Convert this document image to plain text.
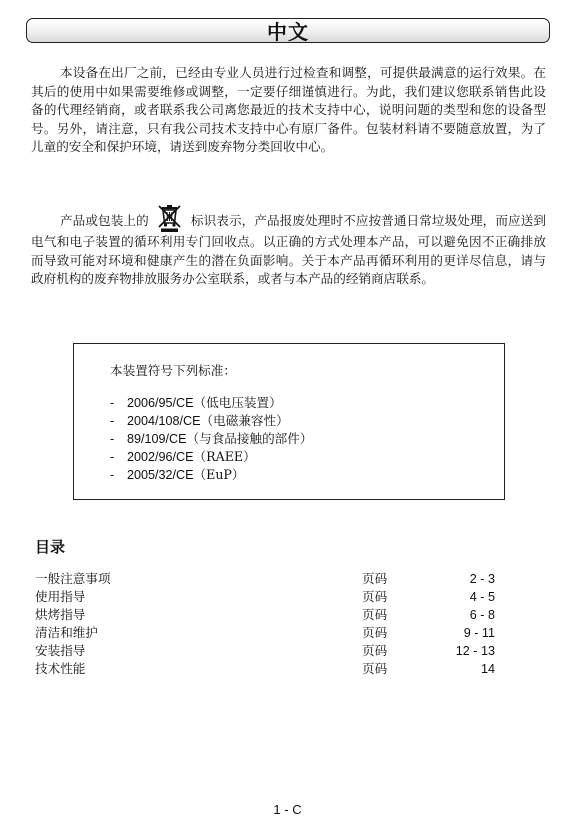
中文
本设备在出厂之前，已经由专业人员进行过检查和调整，可提供最满意的运行效果。在其后的使用中如果需要维修或调整，一定要仔细谨慎进行。为此，我们建议您联系销售此设备的代理经销商，或者联系我公司离您最近的技术支持中心，说明问题的类型和您的设备型号。另外，请注意，只有我公司技术支持中心有原厂备件。包装材料请不要随意放置，为了儿童的安全和保护环境，请送到废弃物分类回收中心。
产品或包装上的	标识表示，产品报废处理时不应按普通日常垃圾处理，而应送到电气和电子装置的循环利用专门回收点。以正确的方式处理本产品，可以避免因不正确排放而导致可能对环境和健康产生的潜在负面影响。关于本产品再循环利用的更详尽信息，请与政府机构的废弃物排放服务办公室联系，或者与本产品的经销商店联系。
本装置符号下列标准：
- 2006/95/CE（低电压装置）
- 2004/108/CE（电磁兼容性）
- 89/109/CE（与食品接触的部件）
- 2002/96/CE（RAEE）
- 2005/32/CE（EuP）
目录
一般注意事项	页码	2 - 3
使用指导	页码	4 - 5
烘烤指导	页码	6 - 8
清洁和维护	页码	9 - 11
安装指导	页码	12 - 13
技术性能	页码	14
1 - C
